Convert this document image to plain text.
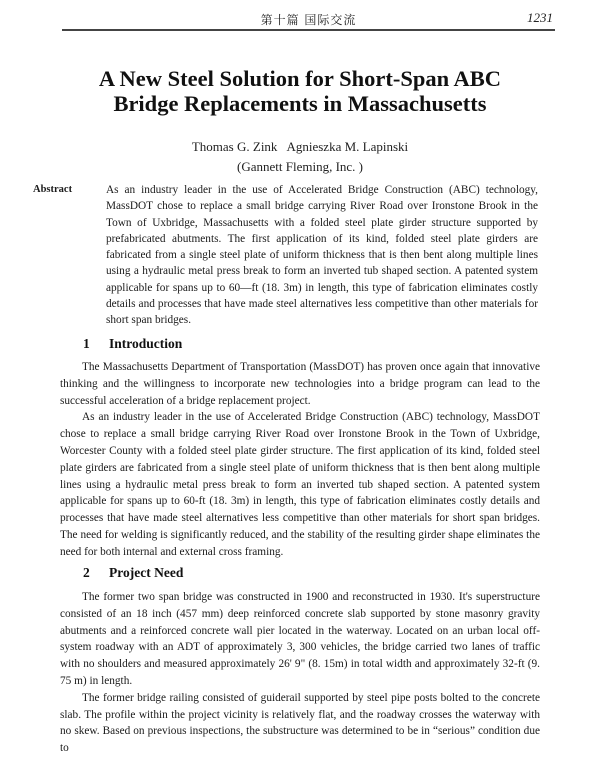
第十篇 国际交流	1231
A New Steel Solution for Short-Span ABC
Bridge Replacements in Massachusetts
Thomas G. Zink   Agnieszka M. Lapinski
(Gannett Fleming, Inc. )
Abstract	As an industry leader in the use of Accelerated Bridge Construction (ABC) technology, MassDOT chose to replace a small bridge carrying River Road over Ironstone Brook in the Town of Uxbridge, Massachusetts with a folded steel plate girder structure supported by prefabricated abutments. The first application of its kind, folded steel plate girders are fabricated from a single steel plate of uniform thickness that is then bent along multiple lines using a hydraulic metal press break to form an inverted tub shaped section. A patented system applicable for spans up to 60—ft (18. 3m) in length, this type of fabrication eliminates costly details and processes that have made steel alternatives less competitive than other materials for short span bridges.
1 Introduction

The Massachusetts Department of Transportation (MassDOT) has proven once again that innovative thinking and the willingness to incorporate new technologies into a bridge program can lead to the successful acceleration of a bridge replacement project.

As an industry leader in the use of Accelerated Bridge Construction (ABC) technology, MassDOT chose to replace a small bridge carrying River Road over Ironstone Brook in the Town of Uxbridge, Worcester County with a folded steel plate girder structure. The first application of its kind, folded steel plate girders are fabricated from a single steel plate of uniform thickness that is then bent along multiple lines using a hydraulic metal press break to form an inverted tub shaped section. A patented system applicable for spans up to 60-ft (18. 3m) in length, this type of fabrication eliminates costly details and processes that have made steel alternatives less competitive than other materials for short span bridges. The need for welding is significantly reduced, and the stability of the resulting girder shape eliminates the need for both internal and external cross framing.

2 Project Need

The former two span bridge was constructed in 1900 and reconstructed in 1930. It's superstructure consisted of an 18 inch (457 mm) deep reinforced concrete slab supported by stone masonry gravity abutments and a reinforced concrete wall pier located in the waterway. Located on an urban local off-system roadway with an ADT of approximately 3, 300 vehicles, the bridge carried two lanes of traffic with no shoulders and measured approximately 26' 9" (8. 15m) in total width and approximately 32-ft (9. 75 m) in length.

The former bridge railing consisted of guiderail supported by steel pipe posts bolted to the concrete slab. The profile within the project vicinity is relatively flat, and the roadway crosses the waterway with no skew. Based on previous inspections, the substructure was determined to be in “serious” condition due to
